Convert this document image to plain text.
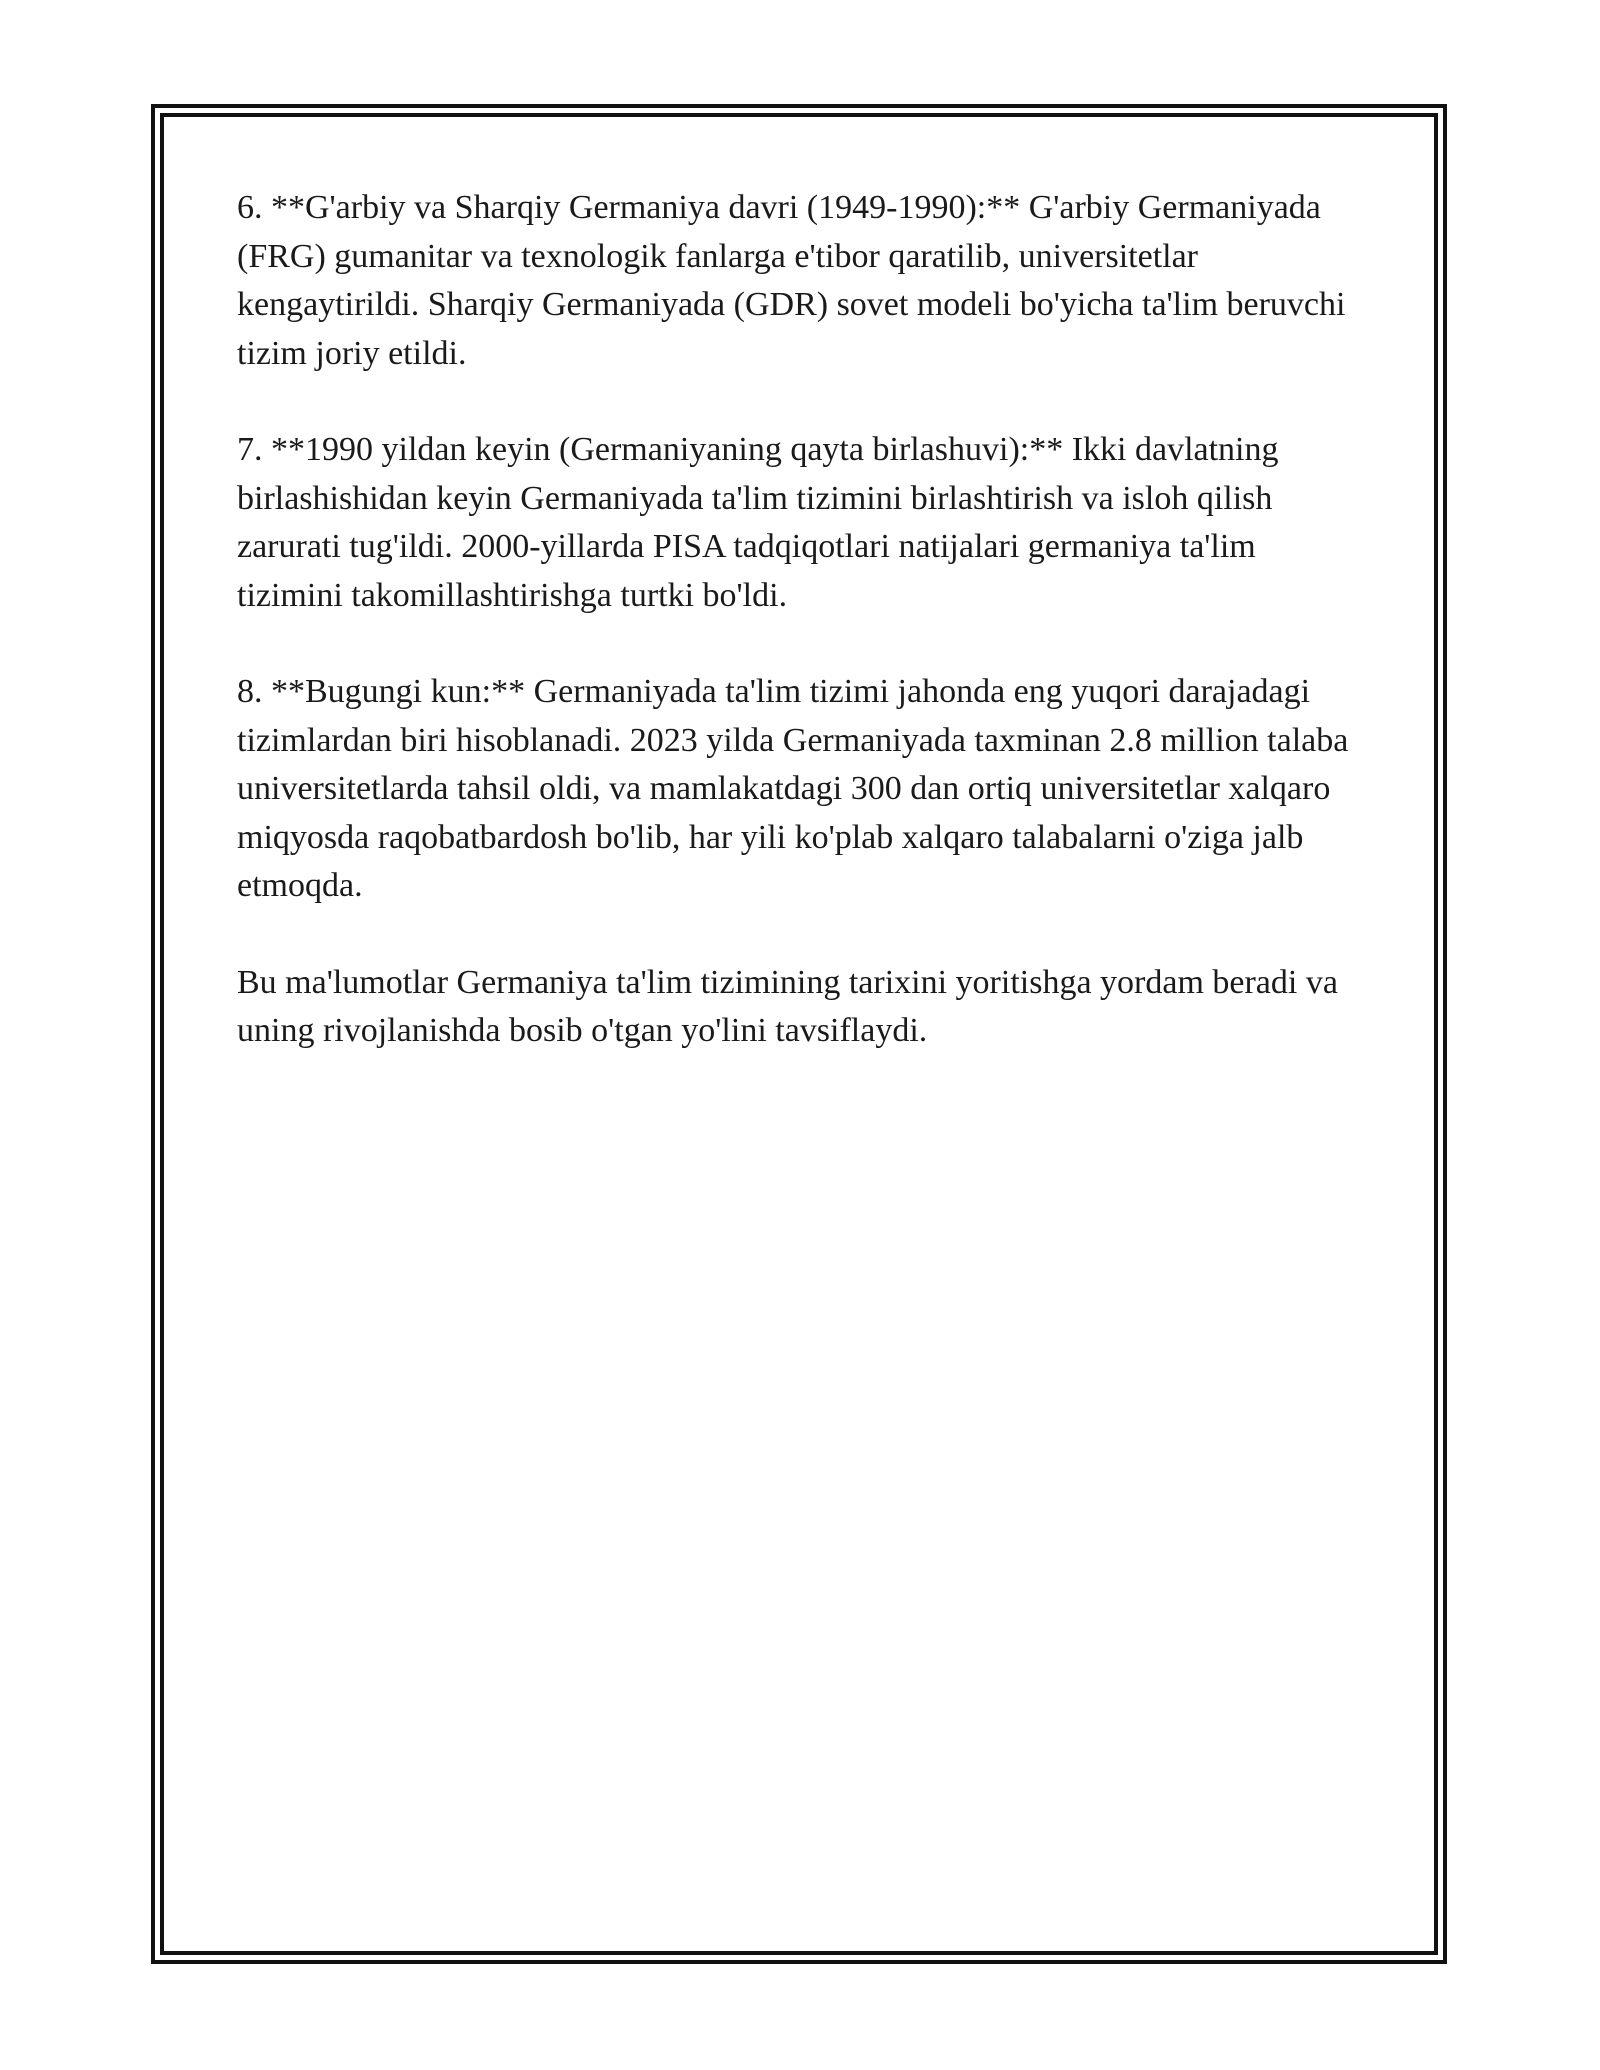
6. **G'arbiy va Sharqiy Germaniya davri (1949-1990):** G'arbiy Germaniyada (FRG) gumanitar va texnologik fanlarga e'tibor qaratilib, universitetlar kengaytirildi. Sharqiy Germaniyada (GDR) sovet modeli bo'yicha ta'lim beruvchi tizim joriy etildi.

7. **1990 yildan keyin (Germaniyaning qayta birlashuvi):** Ikki davlatning birlashishidan keyin Germaniyada ta'lim tizimini birlashtirish va isloh qilish zarurati tug'ildi. 2000-yillarda PISA tadqiqotlari natijalari germaniya ta'lim tizimini takomillashtirishga turtki bo'ldi.

8. **Bugungi kun:** Germaniyada ta'lim tizimi jahonda eng yuqori darajadagi tizimlardan biri hisoblanadi. 2023 yilda Germaniyada taxminan 2.8 million talaba universitetlarda tahsil oldi, va mamlakatdagi 300 dan ortiq universitetlar xalqaro miqyosda raqobatbardosh bo'lib, har yili ko'plab xalqaro talabalarni o'ziga jalb etmoqda.

Bu ma'lumotlar Germaniya ta'lim tizimining tarixini yoritishga yordam beradi va uning rivojlanishda bosib o'tgan yo'lini tavsiflaydi.
